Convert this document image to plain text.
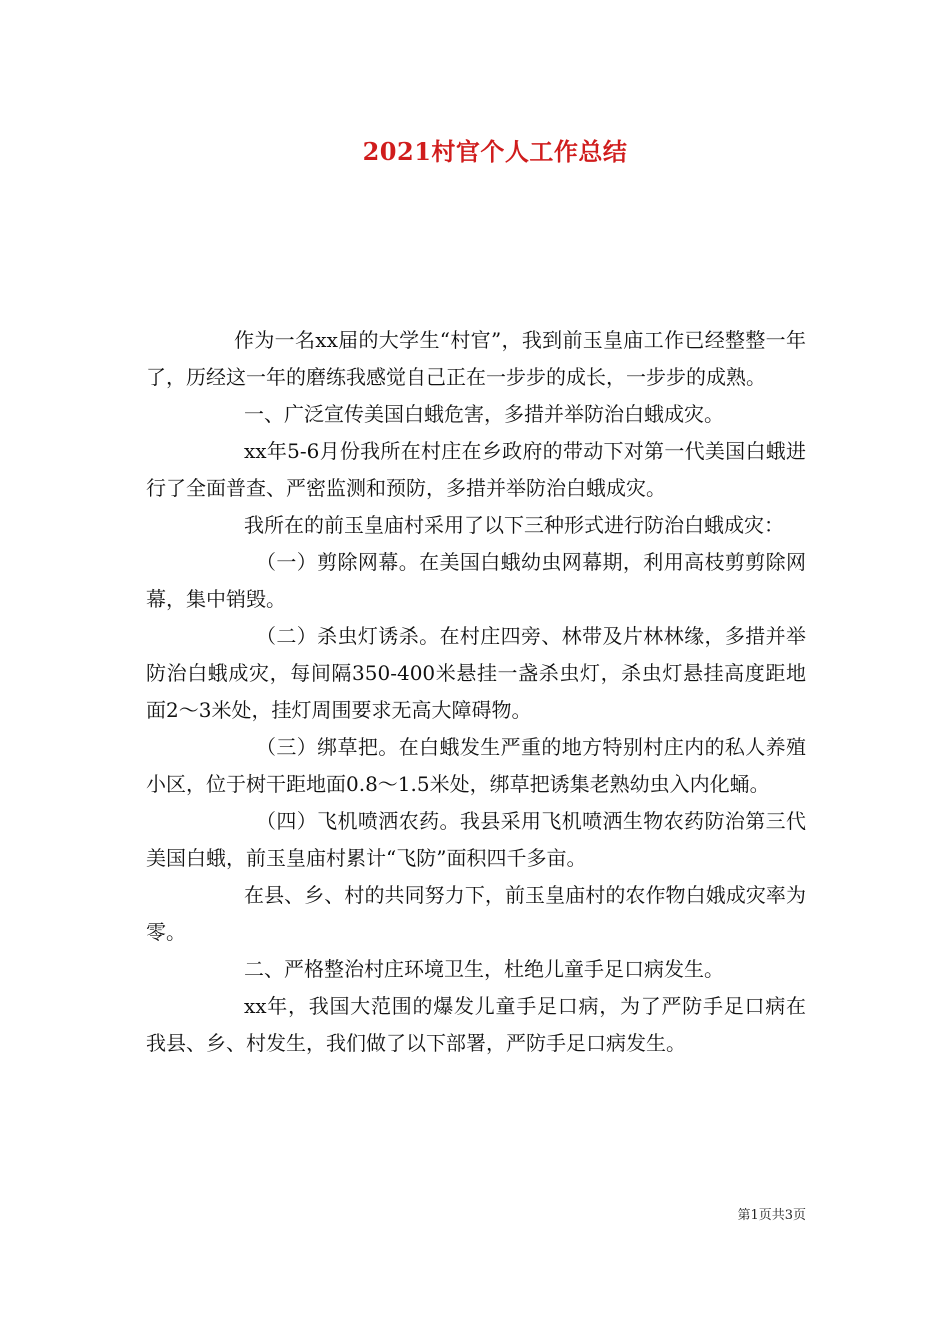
2021村官个人工作总结

作为一名xx届的大学生“村官”，我到前玉皇庙工作已经整整一年了，历经这一年的磨练我感觉自己正在一步步的成长，一步步的成熟。

一、广泛宣传美国白蛾危害，多措并举防治白蛾成灾。

xx年5-6月份我所在村庄在乡政府的带动下对第一代美国白蛾进行了全面普查、严密监测和预防，多措并举防治白蛾成灾。

我所在的前玉皇庙村采用了以下三种形式进行防治白蛾成灾：

（一）剪除网幕。在美国白蛾幼虫网幕期，利用高枝剪剪除网幕，集中销毁。

（二）杀虫灯诱杀。在村庄四旁、林带及片林林缘，多措并举防治白蛾成灾，每间隔350-400米悬挂一盏杀虫灯，杀虫灯悬挂高度距地面2～3米处，挂灯周围要求无高大障碍物。

（三）绑草把。在白蛾发生严重的地方特别村庄内的私人养殖小区，位于树干距地面0.8～1.5米处，绑草把诱集老熟幼虫入内化蛹。

（四）飞机喷洒农药。我县采用飞机喷洒生物农药防治第三代美国白蛾，前玉皇庙村累计“飞防”面积四千多亩。

在县、乡、村的共同努力下，前玉皇庙村的农作物白娥成灾率为零。

二、严格整治村庄环境卫生，杜绝儿童手足口病发生。

xx年，我国大范围的爆发儿童手足口病，为了严防手足口病在我县、乡、村发生，我们做了以下部署，严防手足口病发生。

第1页共3页
